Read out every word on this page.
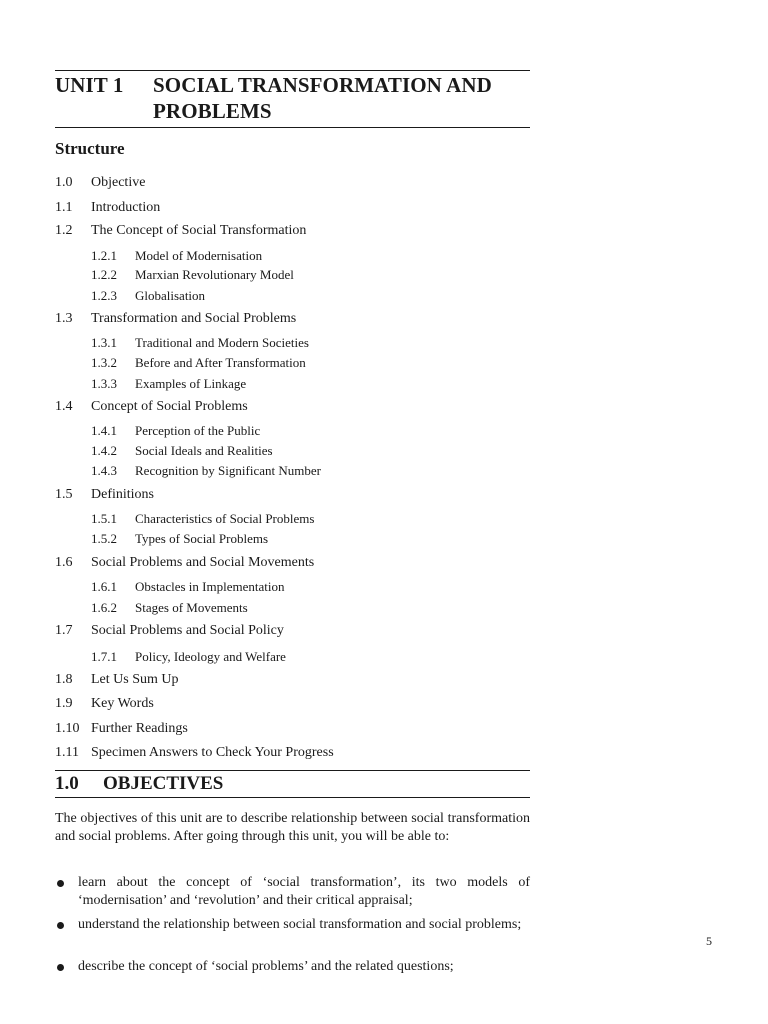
UNIT 1 SOCIAL TRANSFORMATION AND PROBLEMS
Structure
1.0 Objective
1.1 Introduction
1.2 The Concept of Social Transformation
1.2.1 Model of Modernisation
1.2.2 Marxian Revolutionary Model
1.2.3 Globalisation
1.3 Transformation and Social Problems
1.3.1 Traditional and Modern Societies
1.3.2 Before and After Transformation
1.3.3 Examples of Linkage
1.4 Concept of Social Problems
1.4.1 Perception of the Public
1.4.2 Social Ideals and Realities
1.4.3 Recognition by Significant Number
1.5 Definitions
1.5.1 Characteristics of Social Problems
1.5.2 Types of Social Problems
1.6 Social Problems and Social Movements
1.6.1 Obstacles in Implementation
1.6.2 Stages of Movements
1.7 Social Problems and Social Policy
1.7.1 Policy, Ideology and Welfare
1.8 Let Us Sum Up
1.9 Key Words
1.10 Further Readings
1.11 Specimen Answers to Check Your Progress
1.0 OBJECTIVES
The objectives of this unit are to describe relationship between social transformation and social problems. After going through this unit, you will be able to:
learn about the concept of ‘social transformation’, its two models of ‘modernisation’ and ‘revolution’ and their critical appraisal;
understand the relationship between social transformation and social problems;
describe the concept of ‘social problems’ and the related questions;
5
